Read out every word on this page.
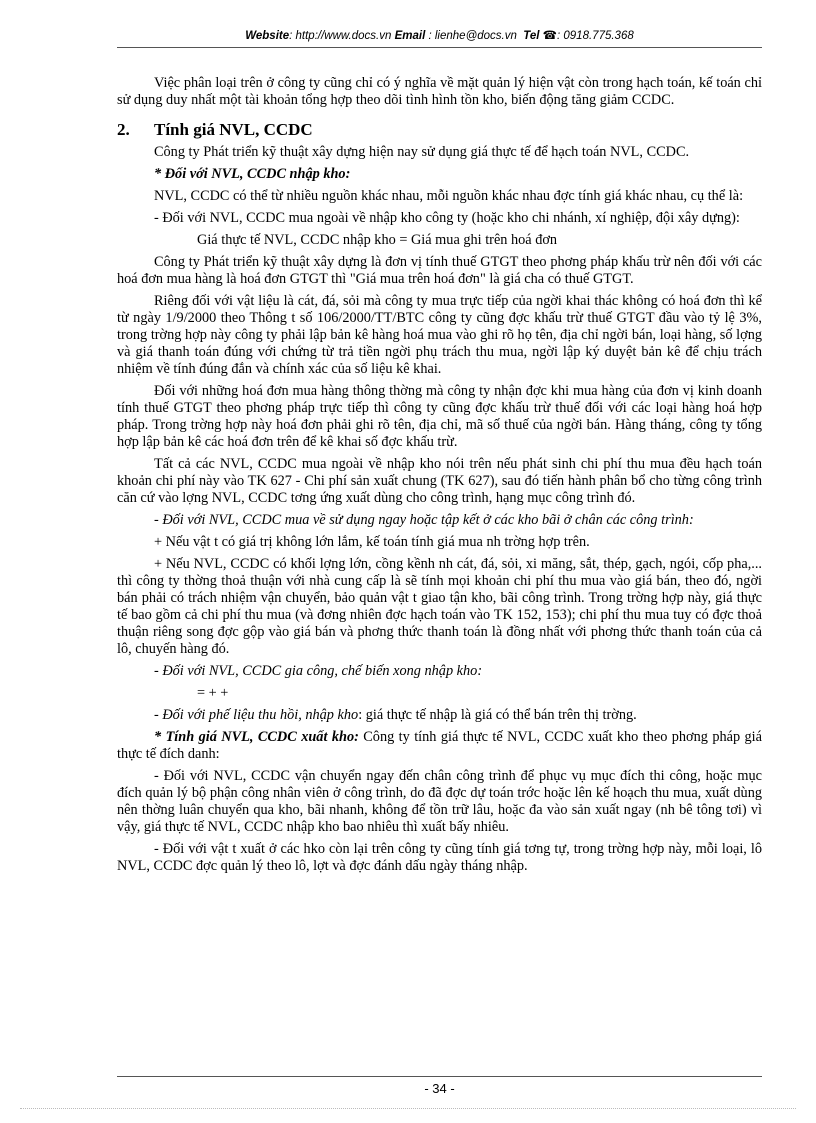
Website: http://www.docs.vn Email : lienhe@docs.vn Tel ☎: 0918.775.368

Việc phân loại trên ở công ty cũng chỉ có ý nghĩa về mặt quản lý hiện vật còn trong hạch toán, kế toán chỉ sử dụng duy nhất một tài khoản tổng hợp theo dõi tình hình tồn kho, biến động tăng giảm CCDC.

2. Tính giá NVL, CCDC

Công ty Phát triển kỹ thuật xây dựng hiện nay sử dụng giá thực tế để hạch toán NVL, CCDC.

* Đối với NVL, CCDC nhập kho:

NVL, CCDC có thể từ nhiều nguồn khác nhau, mỗi nguồn khác nhau đợc tính giá khác nhau, cụ thể là:

- Đối với NVL, CCDC mua ngoài về nhập kho công ty (hoặc kho chi nhánh, xí nghiệp, đội xây dựng):

Giá thực tế NVL, CCDC nhập kho = Giá mua ghi trên hoá đơn

Công ty Phát triển kỹ thuật xây dựng là đơn vị tính thuế GTGT theo phơng pháp khấu trừ nên đối với các hoá đơn mua hàng là hoá đơn GTGT thì "Giá mua trên hoá đơn" là giá cha có thuế GTGT.

Riêng đối với vật liệu là cát, đá, sỏi mà công ty mua trực tiếp của ngời khai thác không có hoá đơn thì kể từ ngày 1/9/2000 theo Thông t số 106/2000/TT/BTC công ty cũng đợc khấu trừ thuế GTGT đầu vào tỷ lệ 3%, trong trờng hợp này công ty phải lập bản kê hàng hoá mua vào ghi rõ họ tên, địa chỉ ngời bán, loại hàng, số lợng và giá thanh toán đúng với chứng từ trả tiền ngời phụ trách thu mua, ngời lập ký duyệt bản kê để chịu trách nhiệm về tính đúng đắn và chính xác của số liệu kê khai.

Đối với những hoá đơn mua hàng thông thờng mà công ty nhận đợc khi mua hàng của đơn vị kinh doanh tính thuế GTGT theo phơng pháp trực tiếp thì công ty cũng đợc khấu trừ thuế đối với các loại hàng hoá hợp pháp. Trong trờng hợp này hoá đơn phải ghi rõ tên, địa chỉ, mã số thuế của ngời bán. Hàng tháng, công ty tổng hợp lập bản kê các hoá đơn trên để kê khai số đợc khấu trừ.

Tất cả các NVL, CCDC mua ngoài về nhập kho nói trên nếu phát sinh chi phí thu mua đều hạch toán khoản chi phí này vào TK 627 - Chi phí sản xuất chung (TK 627), sau đó tiến hành phân bổ cho từng công trình căn cứ vào lợng NVL, CCDC tơng ứng xuất dùng cho công trình, hạng mục công trình đó.

- Đối với NVL, CCDC mua về sử dụng ngay hoặc tập kết ở các kho bãi ở chân các công trình:

+ Nếu vật t có giá trị không lớn lắm, kế toán tính giá mua nh trờng hợp trên.

+ Nếu NVL, CCDC có khối lợng lớn, cồng kềnh nh cát, đá, sỏi, xi măng, sắt, thép, gạch, ngói, cốp pha,... thì công ty thờng thoả thuận với nhà cung cấp là sẽ tính mọi khoản chi phí thu mua vào giá bán, theo đó, ngời bán phải có trách nhiệm vận chuyển, bảo quản vật t giao tận kho, bãi công trình. Trong trờng hợp này, giá thực tế bao gồm cả chi phí thu mua (và đơng nhiên đợc hạch toán vào TK 152, 153); chi phí thu mua tuy có đợc thoả thuận riêng song đợc gộp vào giá bán và phơng thức thanh toán là đồng nhất với phơng thức thanh toán của cả lô, chuyến hàng đó.

- Đối với NVL, CCDC gia công, chế biến xong nhập kho:

= + +

- Đối với phế liệu thu hồi, nhập kho: giá thực tế nhập là giá có thể bán trên thị trờng.

* Tính giá NVL, CCDC xuất kho: Công ty tính giá thực tế NVL, CCDC xuất kho theo phơng pháp giá thực tế đích danh:

- Đối với NVL, CCDC vận chuyển ngay đến chân công trình để phục vụ mục đích thi công, hoặc mục đích quản lý bộ phận công nhân viên ở công trình, do đã đợc dự toán trớc hoặc lên kế hoạch thu mua, xuất dùng nên thờng luân chuyển qua kho, bãi nhanh, không để tồn trữ lâu, hoặc đa vào sản xuất ngay (nh bê tông tơi) vì vậy, giá thực tế NVL, CCDC nhập kho bao nhiêu thì xuất bấy nhiêu.

- Đối với vật t xuất ở các hko còn lại trên công ty cũng tính giá tơng tự, trong trờng hợp này, mỗi loại, lô NVL, CCDC đợc quản lý theo lô, lợt và đợc đánh dấu ngày tháng nhập.

- 34 -
